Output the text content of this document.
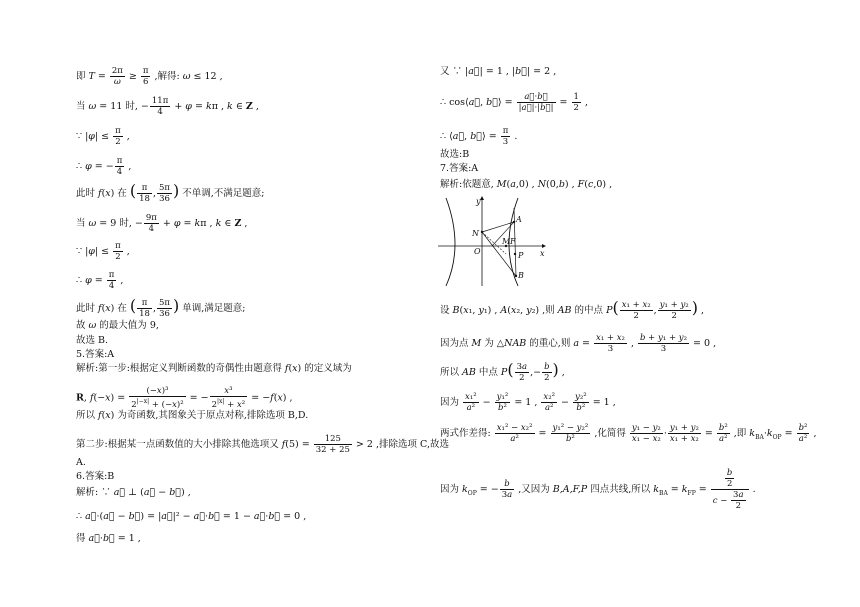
即 $T = \frac{2\pi}{\omega} \ge \frac{\pi}{6}$ ,解得: ω ≤ 12 ,
当 ω = 11 时, − $\frac{11\pi}{4} + \varphi = k\pi$ , k ∈ Z ,
∵ $|\varphi| \le \frac{\pi}{2}$ ,
∴ φ = − $\frac{\pi}{4}$ ,
此时 f(x) 在 ( $\frac{\pi}{18}$ , $\frac{5\pi}{36}$ ) 不单调,不满足题意;
当 ω = 9 时, − $\frac{9\pi}{4} + \varphi = k\pi$ , k ∈ Z ,
∵ $|\varphi| \le \frac{\pi}{2}$ ,
∴ $\varphi = \frac{\pi}{4}$ ,
此时 f(x) 在 ( $\frac{\pi}{18}$ , $\frac{5\pi}{36}$ ) 单调,满足题意;
故 ω 的最大值为 9,
故选 B.
5.答案:A
解析:第一步:根据定义判断函数的奇偶性由题意得 f(x) 的定义域为
R, $f(-x) = \frac{\text{(−x)³}}{2^{|-x|} + (-x)^2}$ = − $\frac{\text{x³}}{2^{|x|} + x^2} = -f(x)$ ,
所以 f(x) 为奇函数,其图象关于原点对称,排除选项 B,D.
第二步:根据某一点函数值的大小排除其他选项又 $f(5) = \frac{125}{32 + 25} > 2$ ,排除选项 C,故选
A.
6.答案:B
解析: ∵ a⃗ ⊥ (a⃗ − b⃗) ,
∴ a⃗·(a⃗ − b⃗) = |a⃗|² − a⃗·b⃗ = 1 − a⃗·b⃗ = 0 ,
得 a⃗·b⃗ = 1 ,
又 ∵ |a⃗| = 1 , |b⃗| = 2 ,
∴ cos⟨a⃗, b⃗⟩ = $\frac{a⃗\cdot b⃗}{|a⃗|\cdot|b⃗|} = \frac{1}{2}$ ,
∴ ⟨a⃗, b⃗⟩ = $\frac{\pi}{3}$ .
故选:B
7.答案:A
解析:依题意, M(a,0) , N(0,b) , F(c,0) ,
y
x
N
O
A
M F
P
B
设 B(x₁, y₁) , A(x₂, y₂) ,则 AB 的中点 $P( \frac{\text{x₁ + x₂}}{2}$ , $\frac{\text{y₁ + y₂}}{2}$ ) ,
因为点 M 为 △NAB 的重心,则 $a = \frac{\text{x₁ + x₂}}{3}$ , $\frac{\text{b + y₁ + y₂}}{3} = 0$ ,
所以 AB 中点 $P( \frac{3a}{2}$ ,− $\frac{b}{2}$ ) ,
因为 $\frac{\text{x₁²}}{\text{a²}} - \frac{\text{y₁²}}{\text{b²}} = 1$ , $\frac{\text{x₂²}}{\text{a²}} - \frac{\text{y₂²}}{\text{b²}} = 1$ ,
两式作差得: $\frac{\text{x₁² − x₂²}}{\text{a²}} = \frac{\text{y₁² − y₂²}}{\text{b²}}$ ,化简得 $\frac{\text{y₁ − y₂}}{\text{x₁ − x₂}} \cdot \frac{\text{y₁ + y₂}}{\text{x₁ + x₂}} = \frac{\text{b²}}{\text{a²}}$ ,即 $k_{BA}\cdot k_{OP} = \frac{\text{b²}}{\text{a²}}$ ,
因为 $k_{OP}$ = − $\frac{b}{3a}$ ,又因为 B,A,F,P 四点共线,所以 $k_{BA} = k_{FP} = \frac{\frac{b}{2}}{c - \frac{3a}{2}}$ .
